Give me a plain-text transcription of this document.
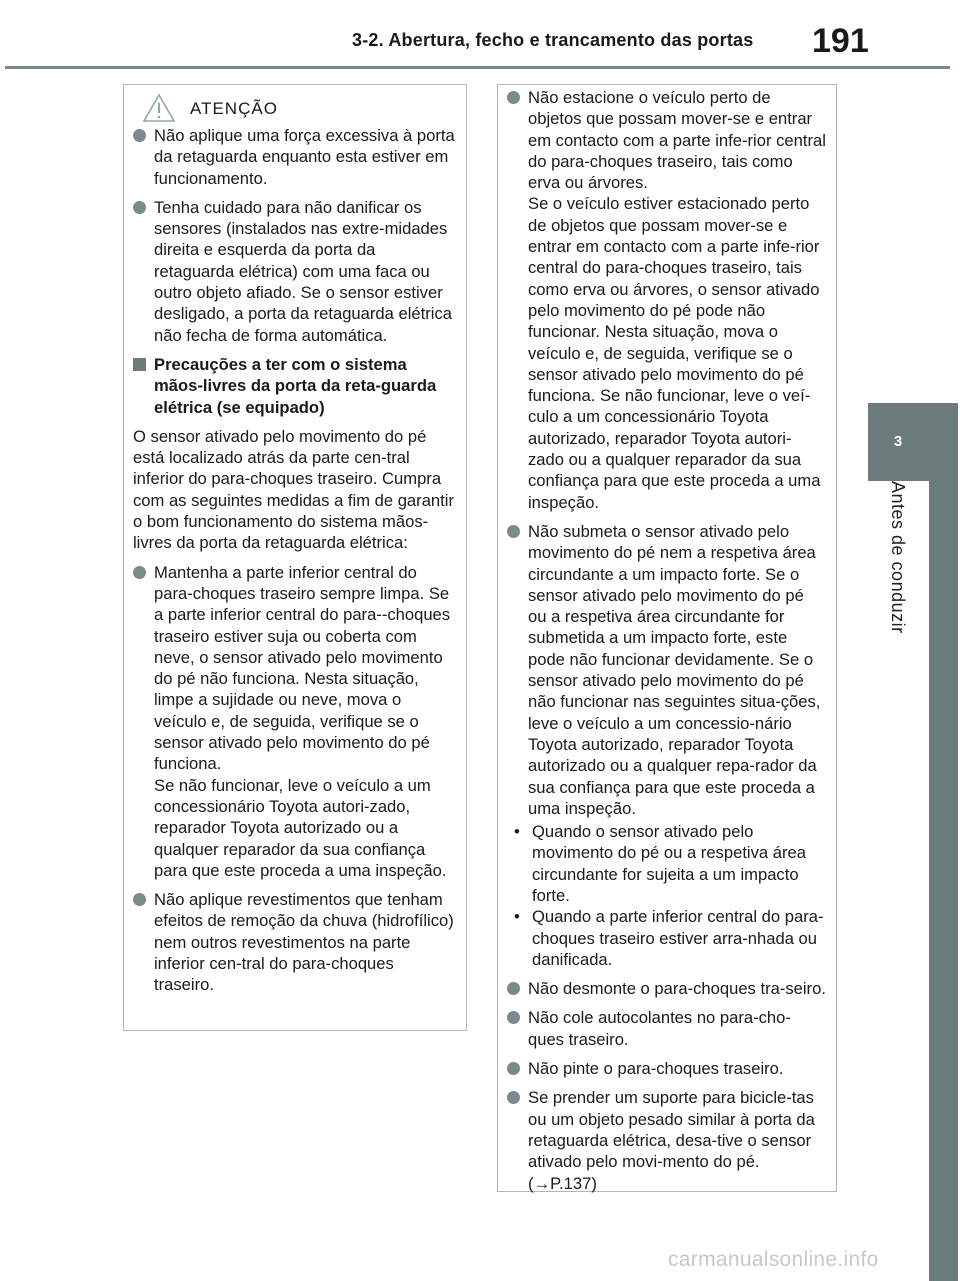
3-2. Abertura, fecho e trancamento das portas 191
3
Antes de conduzir
ATENÇÃO
Não aplique uma força excessiva à porta da retaguarda enquanto esta estiver em funcionamento.
Tenha cuidado para não danificar os sensores (instalados nas extre-midades direita e esquerda da porta da retaguarda elétrica) com uma faca ou outro objeto afiado. Se o sensor estiver desligado, a porta da retaguarda elétrica não fecha de forma automática.
Precauções a ter com o sistema mãos-livres da porta da reta-guarda elétrica (se equipado)
O sensor ativado pelo movimento do pé está localizado atrás da parte cen-tral inferior do para-choques traseiro. Cumpra com as seguintes medidas a fim de garantir o bom funcionamento do sistema mãos-livres da porta da retaguarda elétrica:
Mantenha a parte inferior central do para-choques traseiro sempre limpa. Se a parte inferior central do para--choques traseiro estiver suja ou coberta com neve, o sensor ativado pelo movimento do pé não funciona. Nesta situação, limpe a sujidade ou neve, mova o veículo e, de seguida, verifique se o sensor ativado pelo movimento do pé funciona.
Se não funcionar, leve o veículo a um concessionário Toyota autori-zado, reparador Toyota autorizado ou a qualquer reparador da sua confiança para que este proceda a uma inspeção.
Não aplique revestimentos que tenham efeitos de remoção da chuva (hidrofílico) nem outros revestimentos na parte inferior cen-tral do para-choques traseiro.
Não estacione o veículo perto de objetos que possam mover-se e entrar em contacto com a parte infe-rior central do para-choques traseiro, tais como erva ou árvores.
Se o veículo estiver estacionado perto de objetos que possam mover-se e entrar em contacto com a parte infe-rior central do para-choques traseiro, tais como erva ou árvores, o sensor ativado pelo movimento do pé pode não funcionar. Nesta situação, mova o veículo e, de seguida, verifique se o sensor ativado pelo movimento do pé funciona. Se não funcionar, leve o veí-culo a um concessionário Toyota autorizado, reparador Toyota autori-zado ou a qualquer reparador da sua confiança para que este proceda a uma inspeção.
Não submeta o sensor ativado pelo movimento do pé nem a respetiva área circundante a um impacto forte. Se o sensor ativado pelo movimento do pé ou a respetiva área circundante for submetida a um impacto forte, este pode não funcionar devidamente. Se o sensor ativado pelo movimento do pé não funcionar nas seguintes situa-ções, leve o veículo a um concessio-nário Toyota autorizado, reparador Toyota autorizado ou a qualquer repa-rador da sua confiança para que este proceda a uma inspeção.
• Quando o sensor ativado pelo movimento do pé ou a respetiva área circundante for sujeita a um impacto forte.
• Quando a parte inferior central do para-choques traseiro estiver arra-nhada ou danificada.
Não desmonte o para-choques tra-seiro.
Não cole autocolantes no para-cho-ques traseiro.
Não pinte o para-choques traseiro.
Se prender um suporte para bicicle-tas ou um objeto pesado similar à porta da retaguarda elétrica, desa-tive o sensor ativado pelo movi-mento do pé. (→P.137)
carmanualsonline.info
